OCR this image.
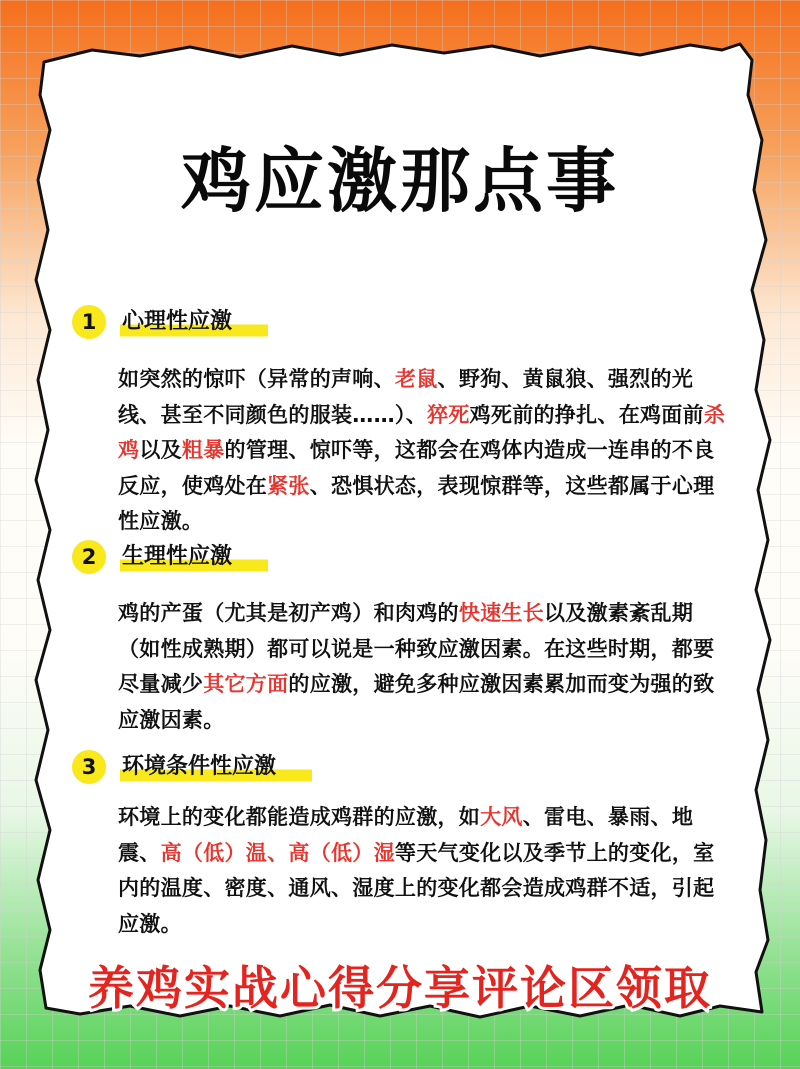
鸡应激那点事
1	心理性应激
如突然的惊吓（异常的声响、老鼠、野狗、黄鼠狼、强烈的光线、甚至不同颜色的服装……）、猝死鸡死前的挣扎、在鸡面前杀鸡以及粗暴的管理、惊吓等，这都会在鸡体内造成一连串的不良反应，使鸡处在紧张、恐惧状态，表现惊群等，这些都属于心理性应激。
2	生理性应激
鸡的产蛋（尤其是初产鸡）和肉鸡的快速生长以及激素紊乱期（如性成熟期）都可以说是一种致应激因素。在这些时期，都要尽量减少其它方面的应激，避免多种应激因素累加而变为强的致应激因素。
3	环境条件性应激
环境上的变化都能造成鸡群的应激，如大风、雷电、暴雨、地震、高（低）温、高（低）湿等天气变化以及季节上的变化，室内的温度、密度、通风、湿度上的变化都会造成鸡群不适，引起应激。
养鸡实战心得分享评论区领取
